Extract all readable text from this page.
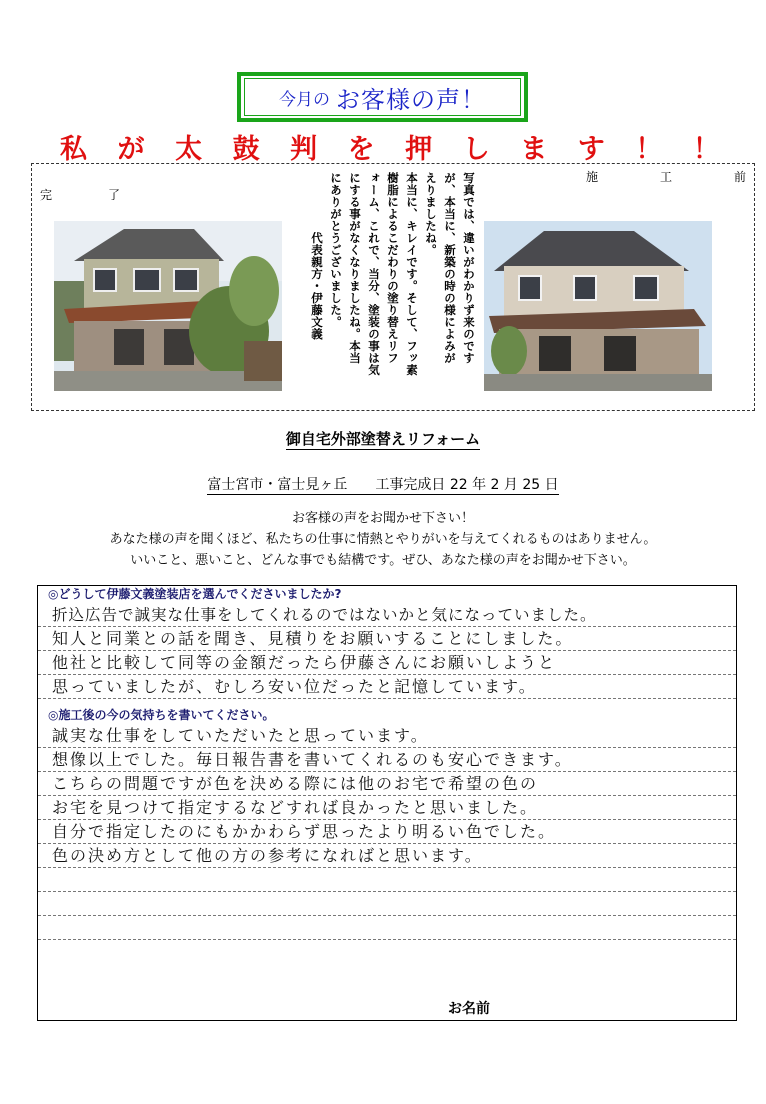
今月の お客様の声！
私 が 太 鼓 判 を 押 し ま す ！ ！
完	了
施	工	前

写真では、違いがわかりず来のです

が、本当に、新築の時の様によみが

えりましたね。

本当に、キレイです。そして、フッ素

樹脂によるこだわりの塗り替えリフ

ォーム、これで、当分、塗装の事は気

にする事がなくなりましたね。本当

にありがとうございました。

代表親方・伊藤文義

御自宅外部塗替えリフォーム
富士宮市・富士見ヶ丘　　工事完成日 22 年 2 月 25 日
お客様の声をお聞かせ下さい！
あなた様の声を聞くほど、私たちの仕事に情熱とやりがいを与えてくれるものはありません。
いいこと、悪いこと、どんな事でも結構です。ぜひ、あなた様の声をお聞かせ下さい。
◎どうして伊藤文義塗装店を選んでくださいましたか?
折込広告で誠実な仕事をしてくれるのではないかと気になっていました。
知人と同業との話を聞き、見積りをお願いすることにしました。
他社と比較して同等の金額だったら伊藤さんにお願いしようと
思っていましたが、むしろ安い位だったと記憶しています。
◎施工後の今の気持ちを書いてください。
誠実な仕事をしていただいたと思っています。
想像以上でした。毎日報告書を書いてくれるのも安心できます。
こちらの問題ですが色を決める際には他のお宅で希望の色の
お宅を見つけて指定するなどすれば良かったと思いました。
自分で指定したのにもかかわらず思ったより明るい色でした。
色の決め方として他の方の参考になればと思います。
お名前
